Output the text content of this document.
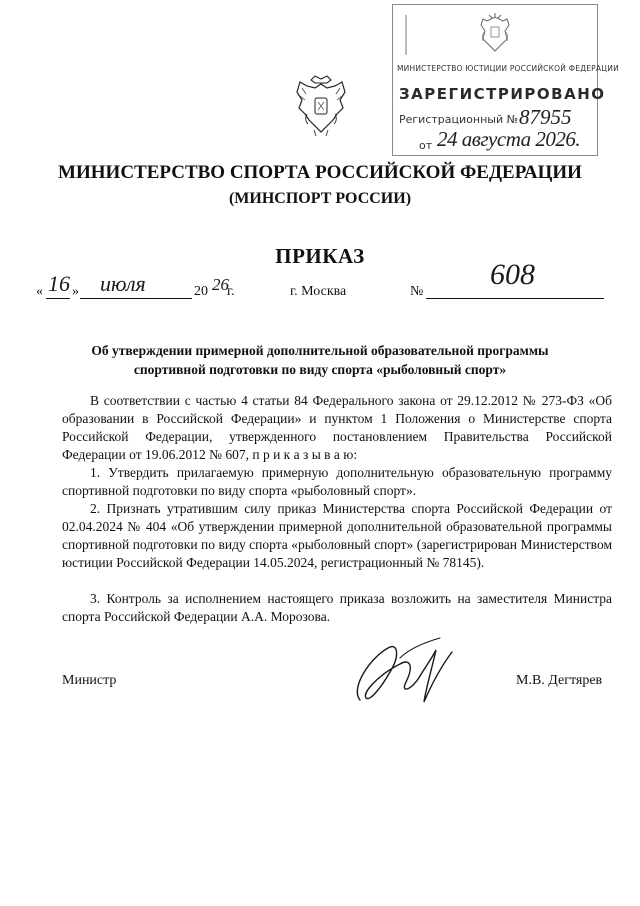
МИНИСТЕРСТВО ЮСТИЦИИ РОССИЙСКОЙ ФЕДЕРАЦИИ
ЗАРЕГИСТРИРОВАНО
Регистрационный № 87955
от 24 августа 2026.
МИНИСТЕРСТВО СПОРТА РОССИЙСКОЙ ФЕДЕРАЦИИ
(МИНСПОРТ РОССИИ)
ПРИКАЗ
« 16 » июля	20 26
г.	г. Москва	№
608
Об утверждении примерной дополнительной образовательной программы спортивной подготовки по виду спорта «рыболовный спорт»
В соответствии с частью 4 статьи 84 Федерального закона от 29.12.2012 № 273-ФЗ «Об образовании в Российской Федерации» и пунктом 1 Положения о Министерстве спорта Российской Федерации, утвержденного постановлением Правительства Российской Федерации от 19.06.2012 № 607, п р и к а з ы в а ю:
1. Утвердить прилагаемую примерную дополнительную образовательную программу спортивной подготовки по виду спорта «рыболовный спорт».
2. Признать утратившим силу приказ Министерства спорта Российской Федерации от 02.04.2024 № 404 «Об утверждении примерной дополнительной образовательной программы спортивной подготовки по виду спорта «рыболовный спорт» (зарегистрирован Министерством юстиции Российской Федерации 14.05.2024, регистрационный № 78145).
3. Контроль за исполнением настоящего приказа возложить на заместителя Министра спорта Российской Федерации А.А. Морозова.
Министр	М.В. Дегтярев
